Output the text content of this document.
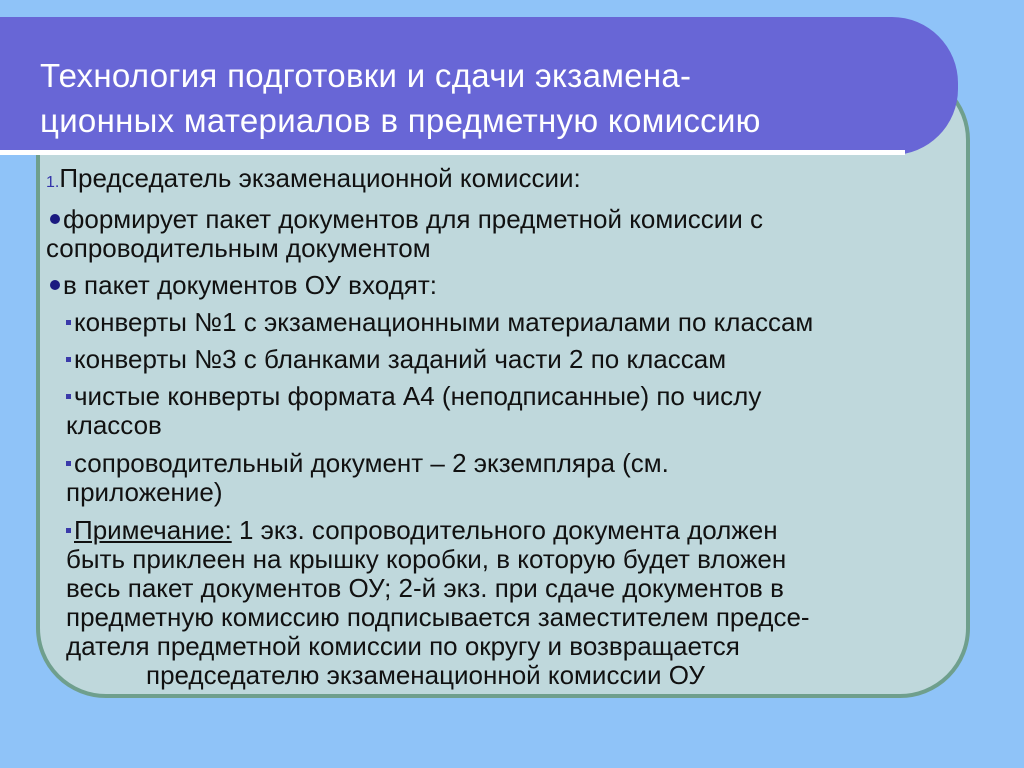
Технология подготовки и сдачи экзамена-
ционных материалов в предметную комиссию
1.Председатель экзаменационной комиссии:
формирует пакет документов для предметной комиссии с
сопроводительным документом
в пакет документов ОУ входят:
конверты №1 с экзаменационными материалами по классам
конверты №3 с бланками заданий части 2 по классам
чистые конверты формата А4 (неподписанные) по числу
классов
сопроводительный документ – 2 экземпляра (см.
приложение)
Примечание: 1 экз. сопроводительного документа должен
быть приклеен на крышку коробки, в которую будет вложен
весь пакет документов ОУ; 2-й экз. при сдаче документов в
предметную комиссию подписывается заместителем предсе-
дателя предметной комиссии по округу и возвращается
председателю экзаменационной комиссии ОУ
